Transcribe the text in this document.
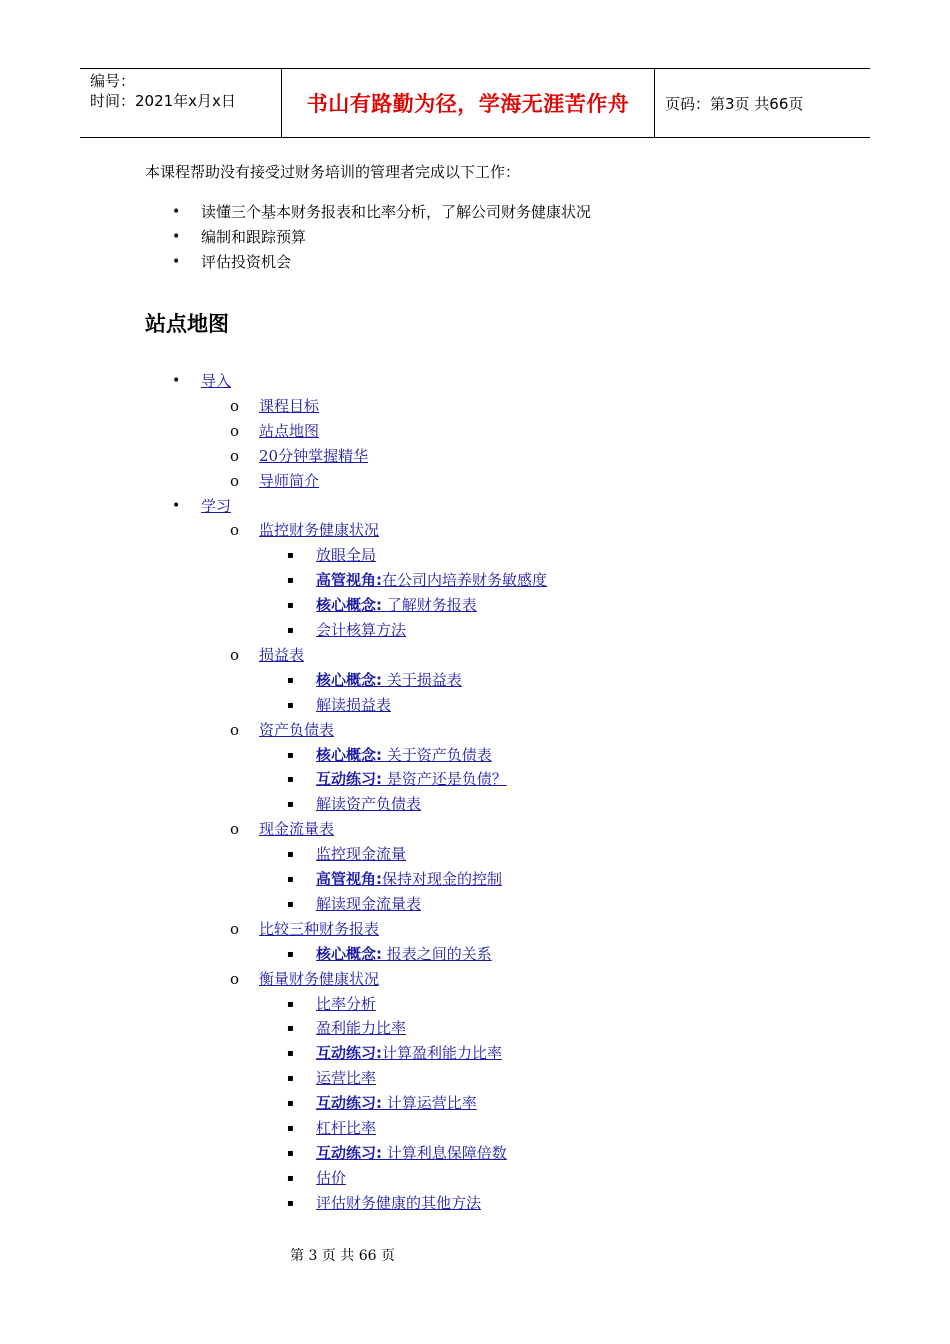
编号：
时间：2021年x月x日	书山有路勤为径，学海无涯苦作舟	页码：第3页 共66页
本课程帮助没有接受过财务培训的管理者完成以下工作：
• 读懂三个基本财务报表和比率分析，了解公司财务健康状况
• 编制和跟踪预算
• 评估投资机会
站点地图
• 导入
o 课程目标
o 站点地图
o 20分钟掌握精华
o 导师简介
• 学习
o 监控财务健康状况
▪ 放眼全局
▪ 高管视角:在公司内培养财务敏感度
▪ 核心概念: 了解财务报表
▪ 会计核算方法
o 损益表
▪ 核心概念: 关于损益表
▪ 解读损益表
o 资产负债表
▪ 核心概念: 关于资产负债表
▪ 互动练习: 是资产还是负债？
▪ 解读资产负债表
o 现金流量表
▪ 监控现金流量
▪ 高管视角:保持对现金的控制
▪ 解读现金流量表
o 比较三种财务报表
▪ 核心概念: 报表之间的关系
o 衡量财务健康状况
▪ 比率分析
▪ 盈利能力比率
▪ 互动练习:计算盈利能力比率
▪ 运营比率
▪ 互动练习: 计算运营比率
▪ 杠杆比率
▪ 互动练习: 计算利息保障倍数
▪ 估价
▪ 评估财务健康的其他方法
第 3 页 共 66 页
